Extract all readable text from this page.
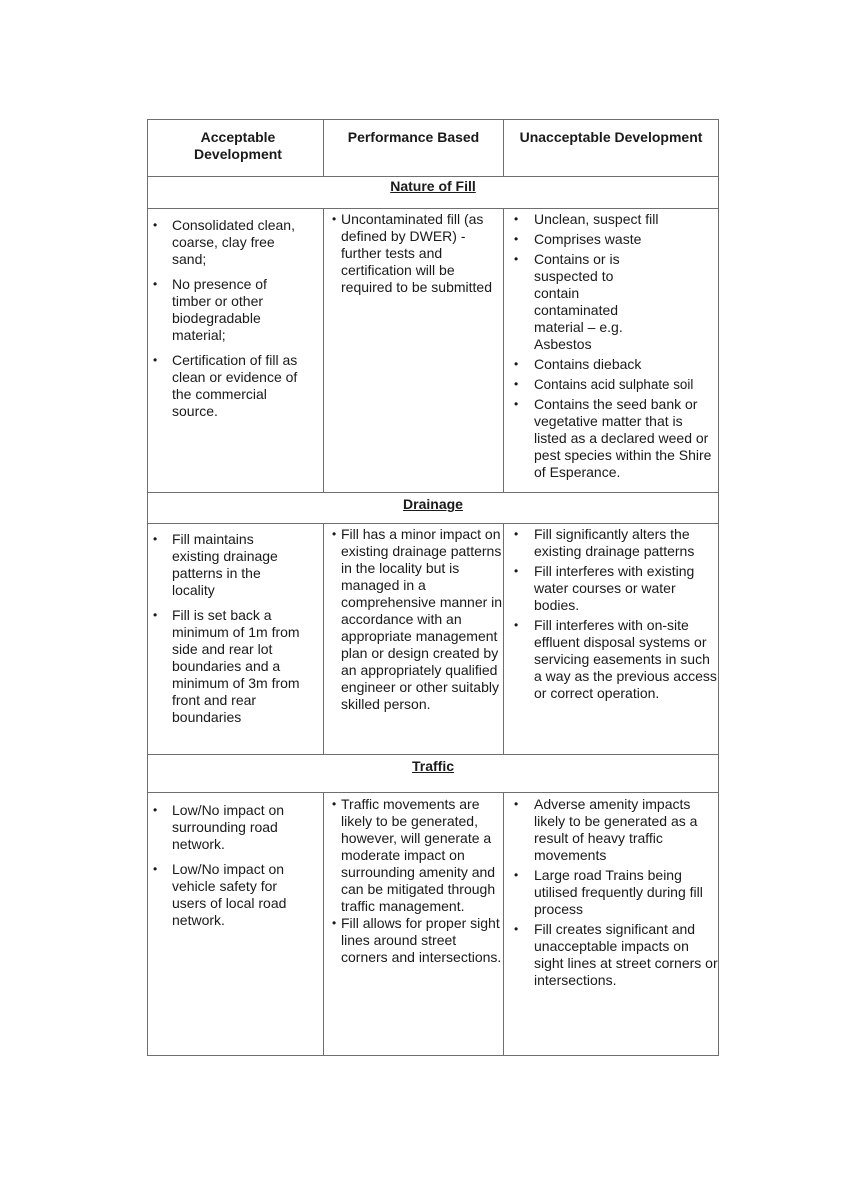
Acceptable Development
Performance Based	Unacceptable Development
Nature of Fill
• Consolidated clean, coarse, clay free sand;
• No presence of timber or other biodegradable material;
• Certification of fill as clean or evidence of the commercial source.
• Uncontaminated fill (as defined by DWER) - further tests and certification will be required to be submitted
• Unclean, suspect fill
• Comprises waste
• Contains or is suspected to contain contaminated material – e.g. Asbestos
• Contains dieback
• Contains acid sulphate soil
• Contains the seed bank or vegetative matter that is listed as a declared weed or pest species within the Shire of Esperance.
Drainage
• Fill maintains existing drainage patterns in the locality
• Fill is set back a minimum of 1m from side and rear lot boundaries and a minimum of 3m from front and rear boundaries
• Fill has a minor impact on existing drainage patterns in the locality but is managed in a comprehensive manner in accordance with an appropriate management plan or design created by an appropriately qualified engineer or other suitably skilled person.
• Fill significantly alters the existing drainage patterns
• Fill interferes with existing water courses or water bodies.
• Fill interferes with on-site effluent disposal systems or servicing easements in such a way as the previous access or correct operation.
Traffic
• Low/No impact on surrounding road network.
• Low/No impact on vehicle safety for users of local road network.
• Traffic movements are likely to be generated, however, will generate a moderate impact on surrounding amenity and can be mitigated through traffic management.
• Fill allows for proper sight lines around street corners and intersections.
• Adverse amenity impacts likely to be generated as a result of heavy traffic movements
• Large road Trains being utilised frequently during fill process
• Fill creates significant and unacceptable impacts on sight lines at street corners or intersections.
